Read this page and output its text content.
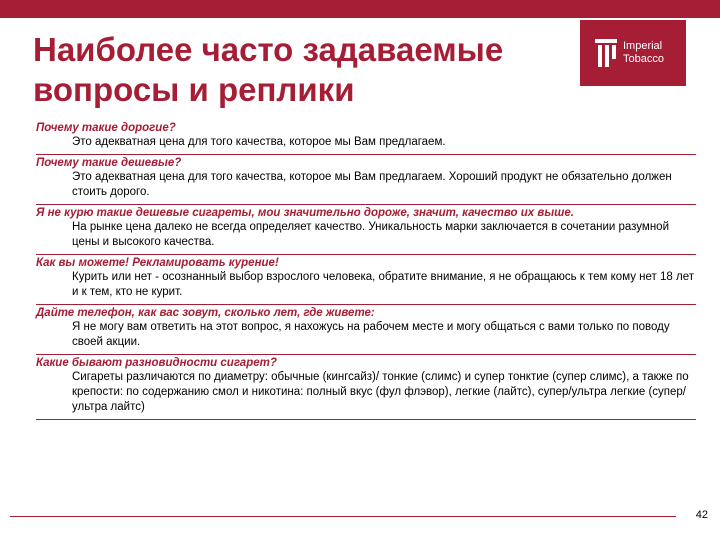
Наиболее часто задаваемые вопросы и реплики
Imperial
Tobacco
Почему такие дорогие?
Это адекватная цена для того качества, которое мы Вам предлагаем.
Почему такие дешевые?
Это адекватная цена для того качества, которое мы Вам предлагаем. Хороший продукт не обязательно должен стоить дорого.
Я не курю такие дешевые сигареты, мои значительно дороже, значит, качество их выше.
На рынке цена далеко не всегда определяет качество. Уникальность марки заключается в сочетании разумной цены и высокого качества.
Как вы можете! Рекламировать курение!
Курить или нет - осознанный выбор взрослого человека, обратите внимание, я не обращаюсь к тем кому нет 18 лет и к тем, кто не курит.
Дайте телефон, как вас зовут, сколько лет, где живете:
Я не могу вам ответить на этот вопрос, я нахожусь на рабочем месте и могу общаться с вами только по поводу своей акции.
Какие бывают разновидности сигарет?
Сигареты различаются по диаметру: обычные (кингсайз)/ тонкие (слимс) и супер тонктие (супер слимс), а также по крепости: по содержанию смол и никотина: полный вкус (фул флэвор), легкие (лайтс), супер/ультра легкие (супер/ультра лайтс)
42
